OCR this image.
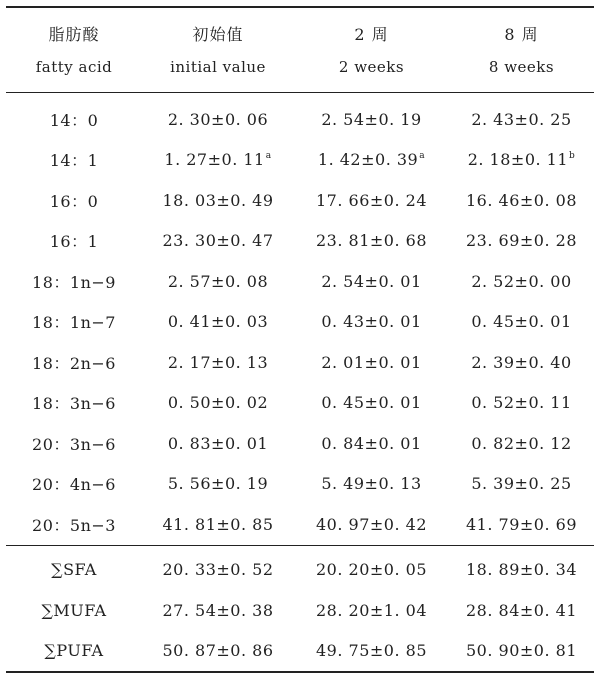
脂肪酸	初始值	2 周	8 周
fatty acid	initial value	2 weeks	8 weeks
14：0	2. 30±0. 06	2. 54±0. 19	2. 43±0. 25
14：1	1. 27±0. 11$^a$	1. 42±0. 39$^a$	2. 18±0. 11$^b$
16：0	18. 03±0. 49	17. 66±0. 24	16. 46±0. 08
16：1	23. 30±0. 47	23. 81±0. 68	23. 69±0. 28
18：1n−9	2. 57±0. 08	2. 54±0. 01	2. 52±0. 00
18：1n−7	0. 41±0. 03	0. 43±0. 01	0. 45±0. 01
18：2n−6	2. 17±0. 13	2. 01±0. 01	2. 39±0. 40
18：3n−6	0. 50±0. 02	0. 45±0. 01	0. 52±0. 11
20：3n−6	0. 83±0. 01	0. 84±0. 01	0. 82±0. 12
20：4n−6	5. 56±0. 19	5. 49±0. 13	5. 39±0. 25
20：5n−3	41. 81±0. 85	40. 97±0. 42	41. 79±0. 69
∑SFA	20. 33±0. 52	20. 20±0. 05	18. 89±0. 34
∑MUFA	27. 54±0. 38	28. 20±1. 04	28. 84±0. 41
∑PUFA	50. 87±0. 86	49. 75±0. 85	50. 90±0. 81
